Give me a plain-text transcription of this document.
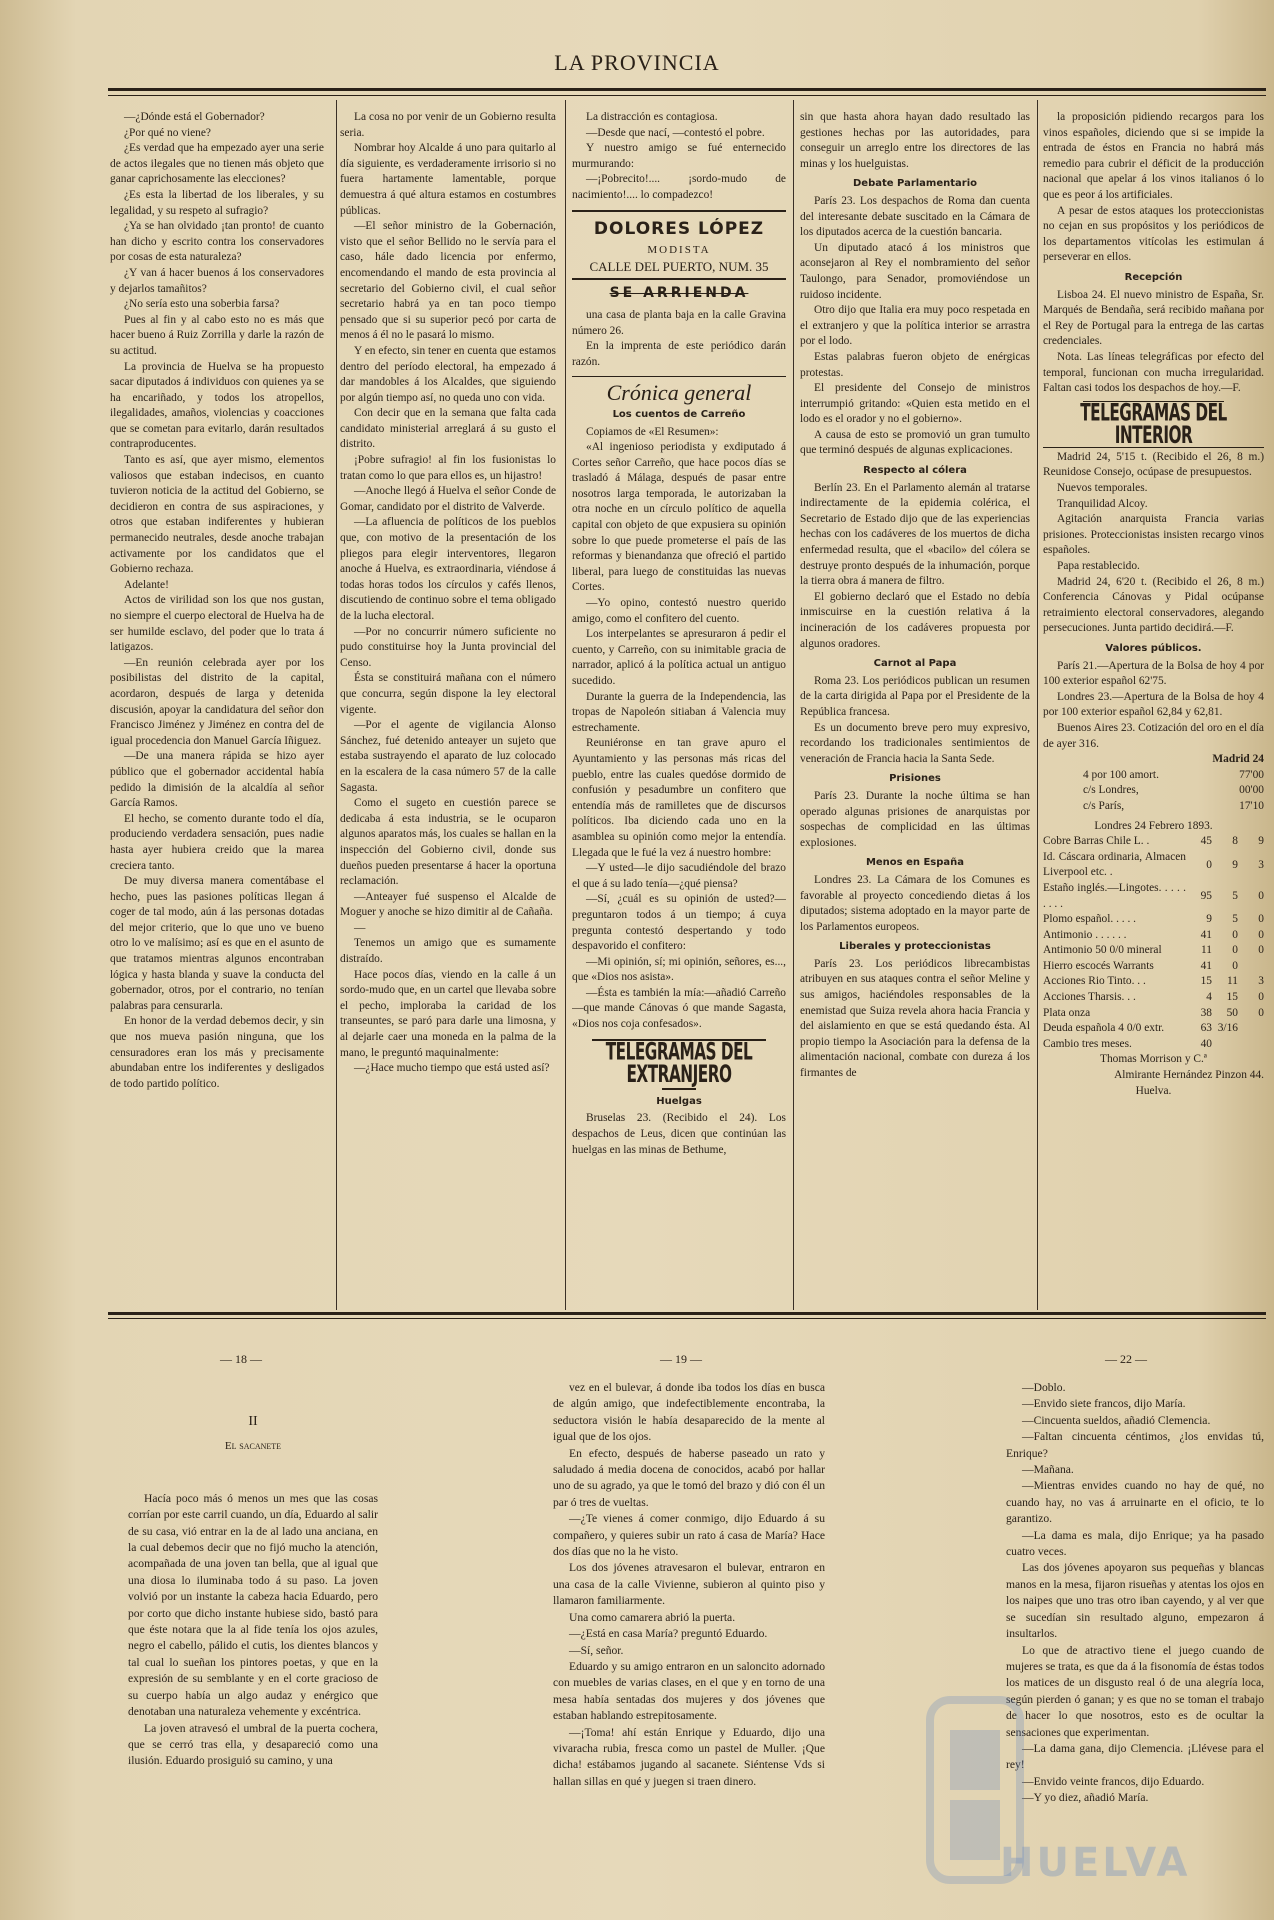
LA PROVINCIA

—¿Dónde está el Gobernador?

¿Por qué no viene?

¿Es verdad que ha empezado ayer una serie de actos ilegales que no tienen más objeto que ganar caprichosamente las elecciones?

¿Es esta la libertad de los liberales, y su legalidad, y su respeto al sufragio?

¿Ya se han olvidado ¡tan pronto! de cuanto han dicho y escrito contra los conservadores por cosas de esta naturaleza?

¿Y van á hacer buenos á los conservadores y dejarlos tamañitos?

¿No sería esto una soberbia farsa?

Pues al fin y al cabo esto no es más que hacer bueno á Ruiz Zorrilla y darle la razón de su actitud.

La provincia de Huelva se ha propuesto sacar diputados á individuos con quienes ya se ha encariñado, y todos los atropellos, ilegalidades, amaños, violencias y coacciones que se cometan para evitarlo, darán resultados contraproducentes.

Tanto es así, que ayer mismo, elementos valiosos que estaban indecisos, en cuanto tuvieron noticia de la actitud del Gobierno, se decidieron en contra de sus aspiraciones, y otros que estaban indiferentes y hubieran permanecido neutrales, desde anoche trabajan activamente por los candidatos que el Gobierno rechaza.

Adelante!

Actos de virilidad son los que nos gustan, no siempre el cuerpo electoral de Huelva ha de ser humilde esclavo, del poder que lo trata á latigazos.

—En reunión celebrada ayer por los posibilistas del distrito de la capital, acordaron, después de larga y detenida discusión, apoyar la candidatura del señor don Francisco Jiménez y Jiménez en contra del de igual procedencia don Manuel García Iñiguez.

—De una manera rápida se hizo ayer público que el gobernador accidental había pedido la dimisión de la alcaldía al señor García Ramos.

El hecho, se comento durante todo el día, produciendo verdadera sensación, pues nadie hasta ayer hubiera creido que la marea creciera tanto.

De muy diversa manera comentábase el hecho, pues las pasiones políticas llegan á coger de tal modo, aún á las personas dotadas del mejor criterio, que lo que uno ve bueno otro lo ve malísimo; así es que en el asunto de que tratamos mientras algunos encontraban lógica y hasta blanda y suave la conducta del gobernador, otros, por el contrario, no tenían palabras para censurarla.

En honor de la verdad debemos decir, y sin que nos mueva pasión ninguna, que los censuradores eran los más y precisamente abundaban entre los indiferentes y desligados de todo partido político.

La cosa no por venir de un Gobierno resulta seria.

Nombrar hoy Alcalde á uno para quitarlo al día siguiente, es verdaderamente irrisorio si no fuera hartamente lamentable, porque demuestra á qué altura estamos en costumbres públicas.

—El señor ministro de la Gobernación, visto que el señor Bellido no le servía para el caso, hále dado licencia por enfermo, encomendando el mando de esta provincia al secretario del Gobierno civil, el cual señor secretario habrá ya en tan poco tiempo pensado que si su superior pecó por carta de menos á él no le pasará lo mismo.

Y en efecto, sin tener en cuenta que estamos dentro del período electoral, ha empezado á dar mandobles á los Alcaldes, que siguiendo por algún tiempo así, no queda uno con vida.

Con decir que en la semana que falta cada candidato ministerial arreglará á su gusto el distrito.

¡Pobre sufragio! al fin los fusionistas lo tratan como lo que para ellos es, un hijastro!

—Anoche llegó á Huelva el señor Conde de Gomar, candidato por el distrito de Valverde.

—La afluencia de políticos de los pueblos que, con motivo de la presentación de los pliegos para elegir interventores, llegaron anoche á Huelva, es extraordinaria, viéndose á todas horas todos los círculos y cafés llenos, discutiendo de continuo sobre el tema obligado de la lucha electoral.

—Por no concurrir número suficiente no pudo constituirse hoy la Junta provincial del Censo.

Ésta se constituirá mañana con el número que concurra, según dispone la ley electoral vigente.

—Por el agente de vigilancia Alonso Sánchez, fué detenido anteayer un sujeto que estaba sustrayendo el aparato de luz colocado en la escalera de la casa número 57 de la calle Sagasta.

Como el sugeto en cuestión parece se dedicaba á esta industria, se le ocuparon algunos aparatos más, los cuales se hallan en la inspección del Gobierno civil, donde sus dueños pueden presentarse á hacer la oportuna reclamación.

—Anteayer fué suspenso el Alcalde de Moguer y anoche se hizo dimitir al de Cañaña.

—

Tenemos un amigo que es sumamente distraído.

Hace pocos días, viendo en la calle á un sordo-mudo que, en un cartel que llevaba sobre el pecho, imploraba la caridad de los transeuntes, se paró para darle una limosna, y al dejarle caer una moneda en la palma de la mano, le preguntó maquinalmente:

—¿Hace mucho tiempo que está usted así?

La distracción es contagiosa.

—Desde que nací, —contestó el pobre.

Y nuestro amigo se fué enternecido murmurando:

—¡Pobrecito!.... ¡sordo-mudo de nacimiento!.... lo compadezco!

DOLORES LÓPEZ
MODISTA
CALLE DEL PUERTO, NUM. 35
SE ARRIENDA

una casa de planta baja en la calle Gravina número 26.

En la imprenta de este periódico darán razón.

Crónica general
Los cuentos de Carreño

Copiamos de «El Resumen»:

«Al ingenioso periodista y exdiputado á Cortes señor Carreño, que hace pocos días se trasladó á Málaga, después de pasar entre nosotros larga temporada, le autorizaban la otra noche en un círculo político de aquella capital con objeto de que expusiera su opinión sobre lo que puede prometerse el país de las reformas y bienandanza que ofreció el partido liberal, para luego de constituidas las nuevas Cortes.

—Yo opino, contestó nuestro querido amigo, como el confitero del cuento.

Los interpelantes se apresuraron á pedir el cuento, y Carreño, con su inimitable gracia de narrador, aplicó á la política actual un antiguo sucedido.

Durante la guerra de la Independencia, las tropas de Napoleón sitiaban á Valencia muy estrechamente.

Reuniéronse en tan grave apuro el Ayuntamiento y las personas más ricas del pueblo, entre las cuales quedóse dormido de confusión y pesadumbre un confitero que entendía más de ramilletes que de discursos políticos. Iba diciendo cada uno en la asamblea su opinión como mejor la entendía. Llegada que le fué la vez á nuestro hombre:

—Y usted—le dijo sacudiéndole del brazo el que á su lado tenía—¿qué piensa?

—Sí, ¿cuál es su opinión de usted?—preguntaron todos á un tiempo; á cuya pregunta contestó despertando y todo despavorido el confitero:

—Mi opinión, sí; mi opinión, señores, es..., que «Dios nos asista».

—Ésta es también la mía:—añadió Carreño—que mande Cánovas ó que mande Sagasta, «Dios nos coja confesados».

TELEGRAMAS DEL EXTRANJERO
Huelgas

Bruselas 23. (Recibido el 24). Los despachos de Leus, dicen que continúan las huelgas en las minas de Bethume,

sin que hasta ahora hayan dado resultado las gestiones hechas por las autoridades, para conseguir un arreglo entre los directores de las minas y los huelguistas.

Debate Parlamentario

París 23. Los despachos de Roma dan cuenta del interesante debate suscitado en la Cámara de los diputados acerca de la cuestión bancaria.

Un diputado atacó á los ministros que aconsejaron al Rey el nombramiento del señor Taulongo, para Senador, promoviéndose un ruidoso incidente.

Otro dijo que Italia era muy poco respetada en el extranjero y que la política interior se arrastra por el lodo.

Estas palabras fueron objeto de enérgicas protestas.

El presidente del Consejo de ministros interrumpió gritando: «Quien esta metido en el lodo es el orador y no el gobierno».

A causa de esto se promovió un gran tumulto que terminó después de algunas explicaciones.

Respecto al cólera

Berlín 23. En el Parlamento alemán al tratarse indirectamente de la epidemia colérica, el Secretario de Estado dijo que de las experiencias hechas con los cadáveres de los muertos de dicha enfermedad resulta, que el «bacilo» del cólera se destruye pronto después de la inhumación, porque la tierra obra á manera de filtro.

El gobierno declaró que el Estado no debía inmiscuirse en la cuestión relativa á la incineración de los cadáveres propuesta por algunos oradores.

Carnot al Papa

Roma 23. Los periódicos publican un resumen de la carta dirigida al Papa por el Presidente de la República francesa.

Es un documento breve pero muy expresivo, recordando los tradicionales sentimientos de veneración de Francia hacia la Santa Sede.

Prisiones

París 23. Durante la noche última se han operado algunas prisiones de anarquistas por sospechas de complicidad en las últimas explosiones.

Menos en España

Londres 23. La Cámara de los Comunes es favorable al proyecto concediendo dietas á los diputados; sistema adoptado en la mayor parte de los Parlamentos europeos.

Liberales y proteccionistas

París 23. Los periódicos librecambistas atribuyen en sus ataques contra el señor Meline y sus amigos, haciéndoles responsables de la enemistad que Suiza revela ahora hacia Francia y del aislamiento en que se está quedando ésta. Al propio tiempo la Asociación para la defensa de la alimentación nacional, combate con dureza á los firmantes de

la proposición pidiendo recargos para los vinos españoles, diciendo que si se impide la entrada de éstos en Francia no habrá más remedio para cubrir el déficit de la producción nacional que apelar á los vinos italianos ó lo que es peor á los artificiales.

A pesar de estos ataques los proteccionistas no cejan en sus propósitos y los periódicos de los departamentos vitícolas les estimulan á perseverar en ellos.

Recepción

Lisboa 24. El nuevo ministro de España, Sr. Marqués de Bendaña, será recibido mañana por el Rey de Portugal para la entrega de las cartas credenciales.

Nota. Las líneas telegráficas por efecto del temporal, funcionan con mucha irregularidad. Faltan casi todos los despachos de hoy.—F.

TELEGRAMAS DEL INTERIOR

Madrid 24, 5'15 t. (Recibido el 26, 8 m.) Reunidose Consejo, ocúpase de presupuestos.

Nuevos temporales.

Tranquilidad Alcoy.

Agitación anarquista Francia varias prisiones. Proteccionistas insisten recargo vinos españoles.

Papa restablecido.

Madrid 24, 6'20 t. (Recibido el 26, 8 m.) Conferencia Cánovas y Pidal ocúpanse retraimiento electoral conservadores, alegando persecuciones. Junta partido decidirá.—F.

Valores públicos.

París 21.—Apertura de la Bolsa de hoy 4 por 100 exterior español 62'75.

Londres 23.—Apertura de la Bolsa de hoy 4 por 100 exterior español 62,84 y 62,81.

Buenos Aires 23. Cotización del oro en el día de ayer 316.

Madrid 24
4 por 100 amort.	77'00
c/s Londres,	00'00
c/s París,	17'10
Londres 24 Febrero 1893.
Cobre Barras Chile L. .	45	8	9
Id. Cáscara ordinaria, Almacen Liverpool etc. .	0	9	3
Estaño inglés.—Lingotes. . . . . . . . .	95	5	0
Plomo español. . . . .	9	5	0
Antimonio . . . . . .	41	0	0
Antimonio 50 0/0 mineral	11	0	0
Hierro escocés Warrants	41	0	
Acciones Rio Tinto. . .	15	11	3
Acciones Tharsis. . .	4	15	0
Plata onza	38	50	0
Deuda española 4 0/0 extr.	63	3/16	
Cambio tres meses.	40		
Thomas Morrison y C.ª
Almirante Hernández Pinzon 44.
Huelva.
— 18 —	— 19 —	— 22 —
II
El sacanete

Hacía poco más ó menos un mes que las cosas corrían por este carril cuando, un día, Eduardo al salir de su casa, vió entrar en la de al lado una anciana, en la cual debemos decir que no fijó mucho la atención, acompañada de una joven tan bella, que al igual que una diosa lo iluminaba todo á su paso. La joven volvió por un instante la cabeza hacia Eduardo, pero por corto que dicho instante hubiese sido, bastó para que éste notara que la al fide tenía los ojos azules, negro el cabello, pálido el cutis, los dientes blancos y tal cual lo sueñan los pintores poetas, y que en la expresión de su semblante y en el corte gracioso de su cuerpo había un algo audaz y enérgico que denotaban una naturaleza vehemente y excéntrica.

La joven atravesó el umbral de la puerta cochera, que se cerró tras ella, y desapareció como una ilusión. Eduardo prosiguió su camino, y una

vez en el bulevar, á donde iba todos los días en busca de algún amigo, que indefectiblemente encontraba, la seductora visión le había desaparecido de la mente al igual que de los ojos.

En efecto, después de haberse paseado un rato y saludado á media docena de conocidos, acabó por hallar uno de su agrado, ya que le tomó del brazo y dió con él un par ó tres de vueltas.

—¿Te vienes á comer conmigo, dijo Eduardo á su compañero, y quieres subir un rato á casa de María? Hace dos días que no la he visto.

Los dos jóvenes atravesaron el bulevar, entraron en una casa de la calle Vivienne, subieron al quinto piso y llamaron familiarmente.

Una como camarera abrió la puerta.

—¿Está en casa María? preguntó Eduardo.

—Sí, señor.

Eduardo y su amigo entraron en un saloncito adornado con muebles de varias clases, en el que y en torno de una mesa había sentadas dos mujeres y dos jóvenes que estaban hablando estrepitosamente.

—¡Toma! ahí están Enrique y Eduardo, dijo una vivaracha rubia, fresca como un pastel de Muller. ¡Que dicha! estábamos jugando al sacanete. Siéntense Vds si hallan sillas en qué y juegen si traen dinero.

—Doblo.

—Envido siete francos, dijo María.

—Cincuenta sueldos, añadió Clemencia.

—Faltan cincuenta céntimos, ¿los envidas tú, Enrique?

—Mañana.

—Mientras envides cuando no hay de qué, no cuando hay, no vas á arruinarte en el oficio, te lo garantizo.

—La dama es mala, dijo Enrique; ya ha pasado cuatro veces.

Las dos jóvenes apoyaron sus pequeñas y blancas manos en la mesa, fijaron risueñas y atentas los ojos en los naipes que uno tras otro iban cayendo, y al ver que se sucedían sin resultado alguno, empezaron á insultarlos.

Lo que de atractivo tiene el juego cuando de mujeres se trata, es que da á la fisonomía de éstas todos los matices de un disgusto real ó de una alegría loca, según pierden ó ganan; y es que no se toman el trabajo de hacer lo que nosotros, esto es de ocultar la sensaciones que experimentan.

—La dama gana, dijo Clemencia. ¡Llévese para el rey!

—Envido veinte francos, dijo Eduardo.

—Y yo diez, añadió María.

HUELVA
